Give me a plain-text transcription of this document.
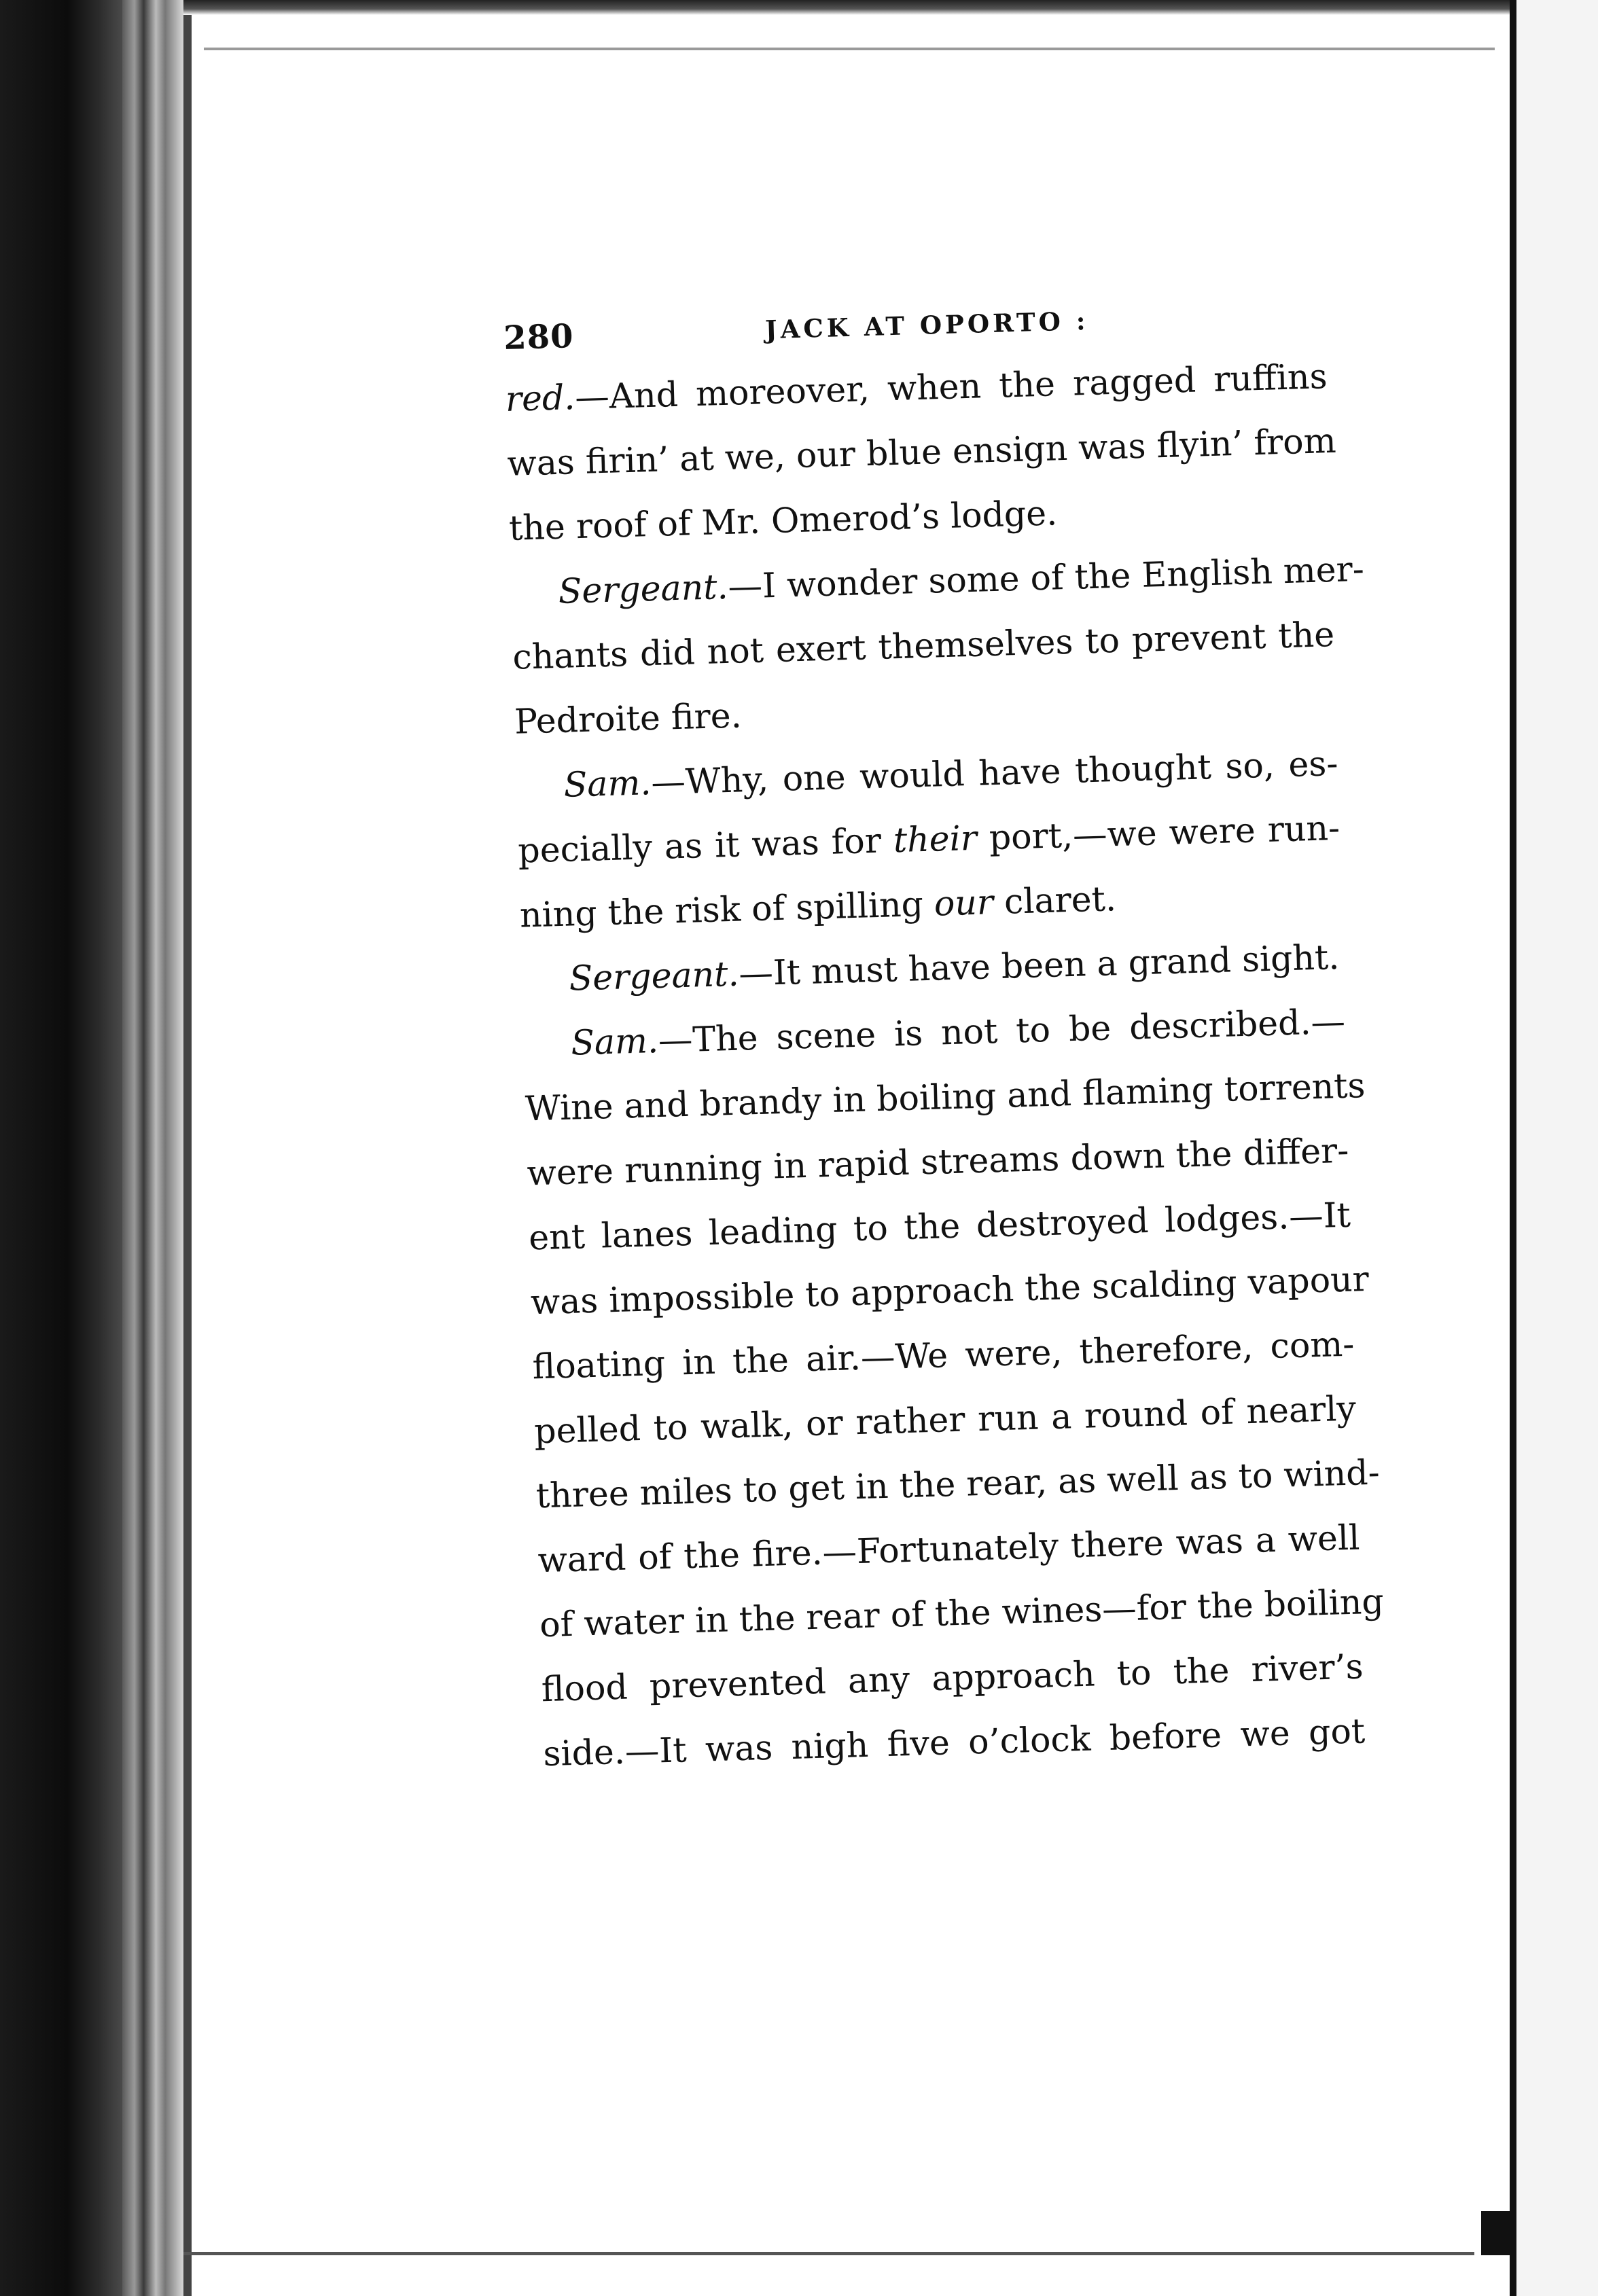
280	JACK AT OPORTO :
red.—And moreover, when the ragged ruffins
was firin’ at we, our blue ensign was flyin’ from
the roof of Mr. Omerod’s lodge.
Sergeant.—I wonder some of the English mer-
chants did not exert themselves to prevent the
Pedroite fire.
Sam.—Why, one would have thought so, es-
pecially as it was for their port,—we were run-
ning the risk of spilling our claret.
Sergeant.—It must have been a grand sight.
Sam.—The scene is not to be described.—
Wine and brandy in boiling and flaming torrents
were running in rapid streams down the differ-
ent lanes leading to the destroyed lodges.—It
was impossible to approach the scalding vapour
floating in the air.—We were, therefore, com-
pelled to walk, or rather run a round of nearly
three miles to get in the rear, as well as to wind-
ward of the fire.—Fortunately there was a well
of water in the rear of the wines—for the boiling
flood prevented any approach to the river’s
side.—It was nigh five o’clock before we got
